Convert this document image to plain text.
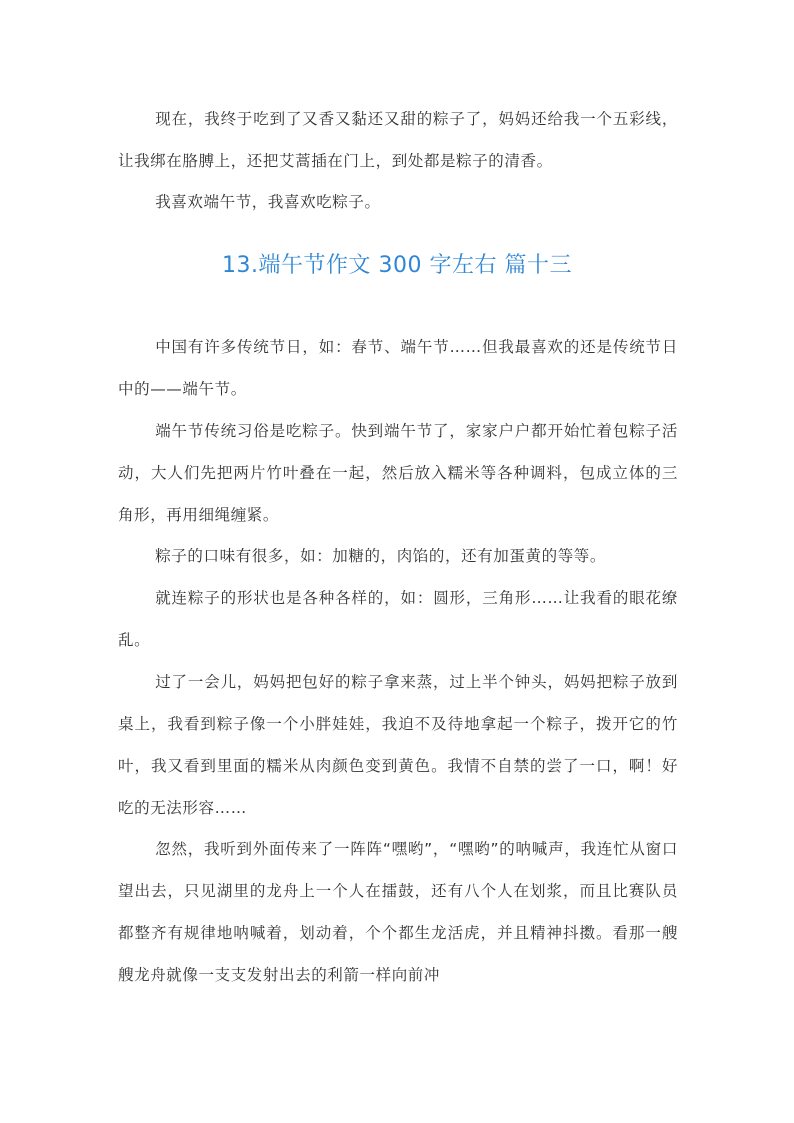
现在，我终于吃到了又香又黏还又甜的粽子了，妈妈还给我一个五彩线，让我绑在胳膊上，还把艾蒿插在门上，到处都是粽子的清香。

我喜欢端午节，我喜欢吃粽子。

13.端午节作文 300 字左右 篇十三

中国有许多传统节日，如：春节、端午节……但我最喜欢的还是传统节日中的——端午节。

端午节传统习俗是吃粽子。快到端午节了，家家户户都开始忙着包粽子活动，大人们先把两片竹叶叠在一起，然后放入糯米等各种调料，包成立体的三角形，再用细绳缠紧。

粽子的口味有很多，如：加糖的，肉馅的，还有加蛋黄的等等。

就连粽子的形状也是各种各样的，如：圆形，三角形……让我看的眼花缭乱。

过了一会儿，妈妈把包好的粽子拿来蒸，过上半个钟头，妈妈把粽子放到桌上，我看到粽子像一个小胖娃娃，我迫不及待地拿起一个粽子，拨开它的竹叶，我又看到里面的糯米从肉颜色变到黄色。我情不自禁的尝了一口，啊！好吃的无法形容……

忽然，我听到外面传来了一阵阵“嘿哟”，“嘿哟”的呐喊声，我连忙从窗口望出去，只见湖里的龙舟上一个人在擂鼓，还有八个人在划浆，而且比赛队员都整齐有规律地呐喊着，划动着，个个都生龙活虎，并且精神抖擞。看那一艘艘龙舟就像一支支发射出去的利箭一样向前冲
